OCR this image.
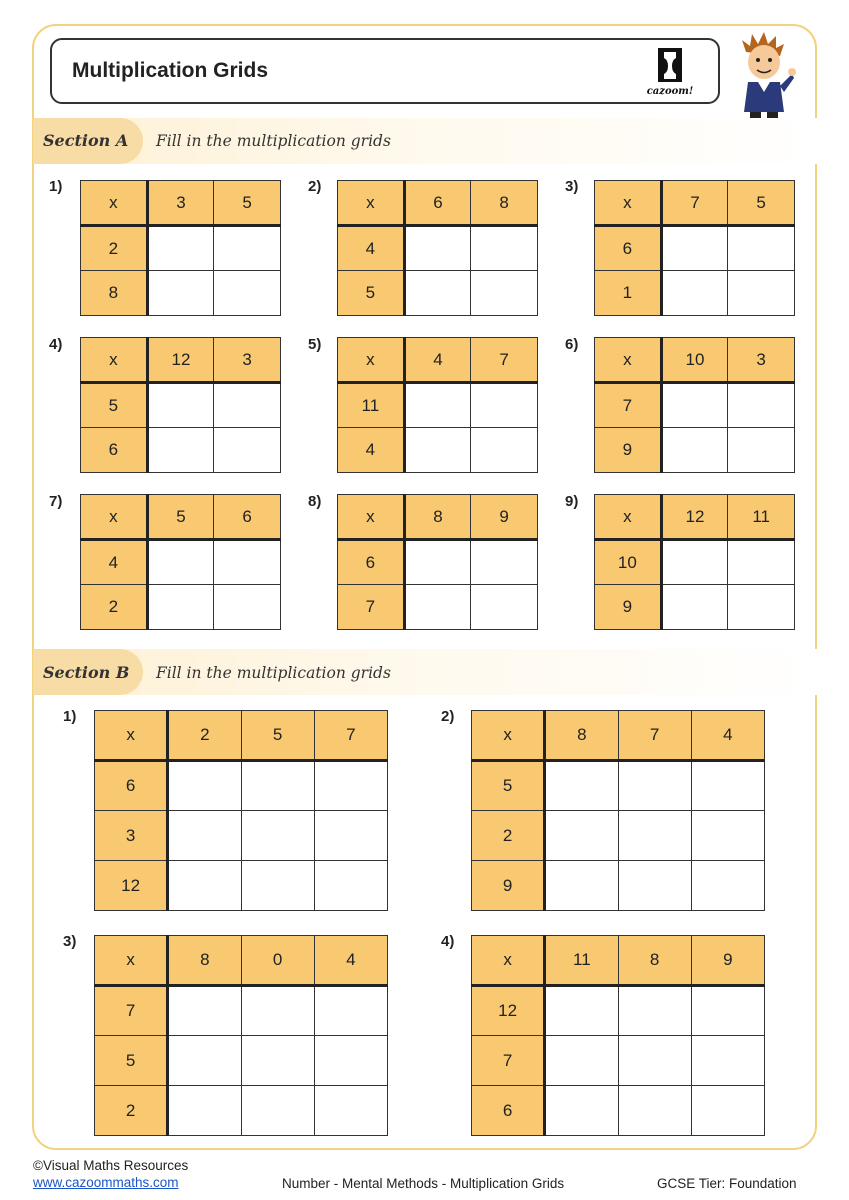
Multiplication Grids
cazoom!
Section A Fill in the multiplication grids
Section B Fill in the multiplication grids
1)
x	3	5
2		
8		
2)
x	6	8
4		
5		
3)
x	7	5
6		
1		
4)
x	12	3
5		
6		
5)
x	4	7
11		
4		
6)
x	10	3
7		
9		
7)
x	5	6
4		
2		
8)
x	8	9
6		
7		
9)
x	12	11
10		
9		
1)
x	2	5	7
6			
3			
12			
2)
x	8	7	4
5			
2			
9			
3)
x	8	0	4
7			
5			
2			
4)
x	11	8	9
12			
7			
6			
©Visual Maths Resources
www.cazoommaths.com	Number - Mental Methods - Multiplication Grids	GCSE Tier: Foundation
